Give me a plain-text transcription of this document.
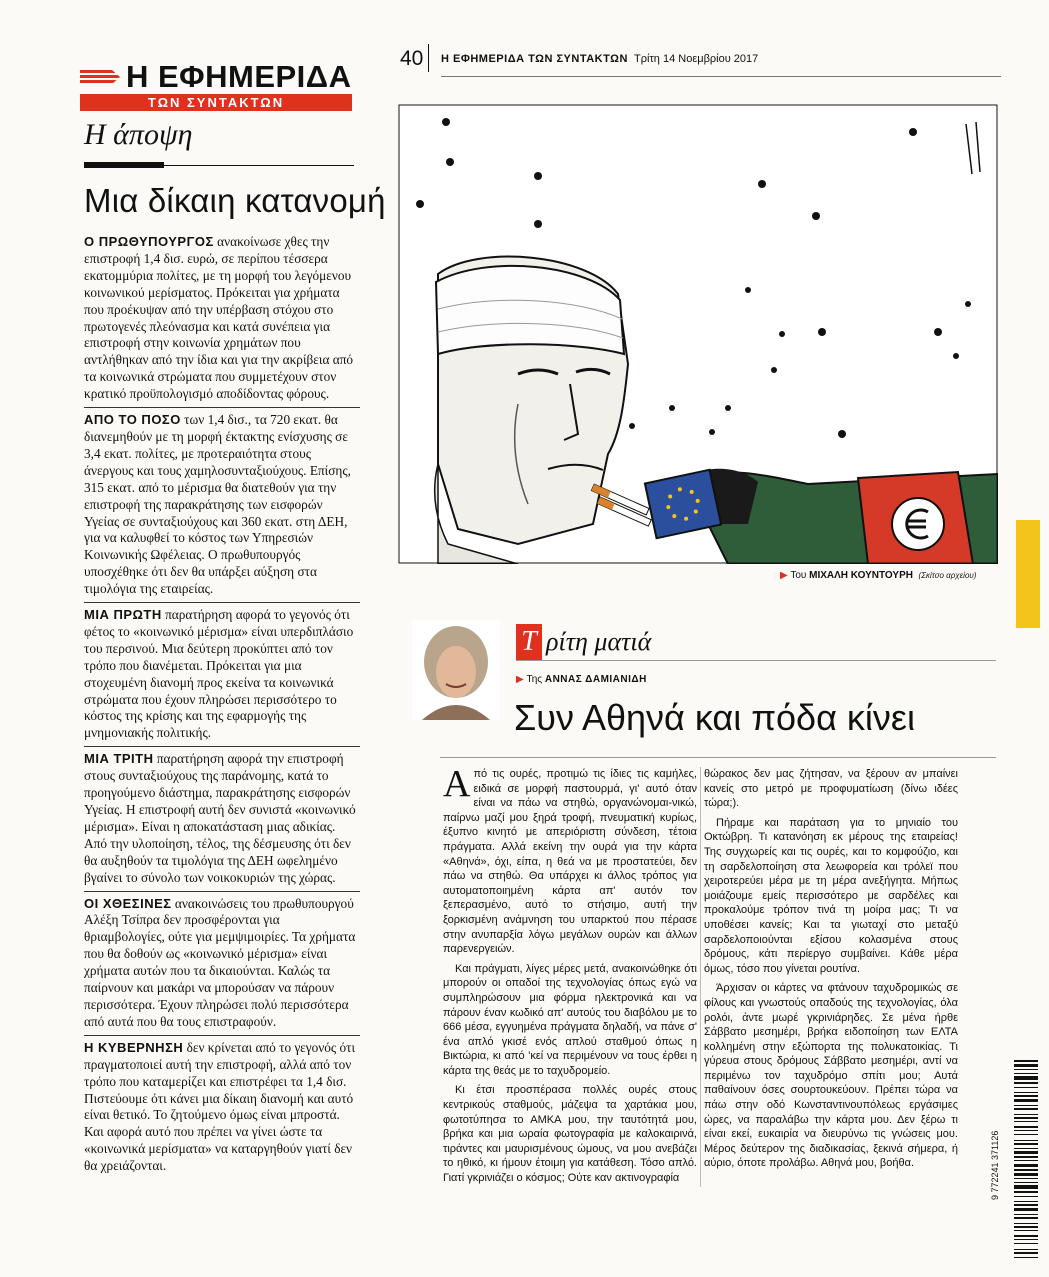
Η ΕΦΗΜΕΡΙΔΑ
ΤΩΝ ΣΥΝΤΑΚΤΩΝ
Η άποψη
Μια δίκαιη κατανομή

Ο ΠΡΩΘΥΠΟΥΡΓΟΣ ανακοίνωσε χθες την επιστροφή 1,4 δισ. ευρώ, σε περίπου τέσσερα εκατομμύρια πολίτες, με τη μορφή του λεγόμενου κοινωνικού μερίσματος. Πρόκειται για χρήματα που προέκυψαν από την υπέρβαση στόχου στο πρωτογενές πλεόνασμα και κατά συνέπεια για επιστροφή στην κοινωνία χρημάτων που αντλήθηκαν από την ίδια και για την ακρίβεια από τα κοινωνικά στρώματα που συμμετέχουν στον κρατικό προϋπολογισμό αποδίδοντας φόρους.

ΑΠΟ ΤΟ ΠΟΣΟ των 1,4 δισ., τα 720 εκατ. θα διανεμηθούν με τη μορφή έκτακτης ενίσχυσης σε 3,4 εκατ. πολίτες, με προτεραιότητα στους άνεργους και τους χαμηλοσυνταξιούχους. Επίσης, 315 εκατ. από το μέρισμα θα διατεθούν για την επιστροφή της παρακράτησης των εισφορών Υγείας σε συνταξιούχους και 360 εκατ. στη ΔΕΗ, για να καλυφθεί το κόστος των Υπηρεσιών Κοινωνικής Ωφέλειας. Ο πρωθυπουργός υποσχέθηκε ότι δεν θα υπάρξει αύξηση στα τιμολόγια της εταιρείας.

ΜΙΑ ΠΡΩΤΗ παρατήρηση αφορά το γεγονός ότι φέτος το «κοινωνικό μέρισμα» είναι υπερδιπλάσιο του περσινού. Μια δεύτερη προκύπτει από τον τρόπο που διανέμεται. Πρόκειται για μια στοχευμένη διανομή προς εκείνα τα κοινωνικά στρώματα που έχουν πληρώσει περισσότερο το κόστος της κρίσης και της εφαρμογής της μνημονιακής πολιτικής.

ΜΙΑ ΤΡΙΤΗ παρατήρηση αφορά την επιστροφή στους συνταξιούχους της παράνομης, κατά το προηγούμενο διάστημα, παρακράτησης εισφορών Υγείας. Η επιστροφή αυτή δεν συνιστά «κοινωνικό μέρισμα». Είναι η αποκατάσταση μιας αδικίας. Από την υλοποίηση, τέλος, της δέσμευσης ότι δεν θα αυξηθούν τα τιμολόγια της ΔΕΗ ωφελημένο βγαίνει το σύνολο των νοικοκυριών της χώρας.

ΟΙ ΧΘΕΣΙΝΕΣ ανακοινώσεις του πρωθυπουργού Αλέξη Τσίπρα δεν προσφέρονται για θριαμβολογίες, ούτε για μεμψιμοιρίες. Τα χρήματα που θα δοθούν ως «κοινωνικό μέρισμα» είναι χρήματα αυτών που τα δικαιούνται. Καλώς τα παίρνουν και μακάρι να μπορούσαν να πάρουν περισσότερα. Έχουν πληρώσει πολύ περισσότερα από αυτά που θα τους επιστραφούν.

Η ΚΥΒΕΡΝΗΣΗ δεν κρίνεται από το γεγονός ότι πραγματοποιεί αυτή την επιστροφή, αλλά από τον τρόπο που καταμερίζει και επιστρέφει τα 1,4 δισ. Πιστεύουμε ότι κάνει μια δίκαιη διανομή και αυτό είναι θετικό. Το ζητούμενο όμως είναι μπροστά. Και αφορά αυτό που πρέπει να γίνει ώστε τα «κοινωνικά μερίσματα» να καταργηθούν γιατί δεν θα χρειάζονται.

40 Η ΕΦΗΜΕΡΙΔΑ ΤΩΝ ΣΥΝΤΑΚΤΩΝ Τρίτη 14 Νοεμβρίου 2017
▶ Του ΜΙΧΑΛΗ ΚΟΥΝΤΟΥΡΗ (Σκίτσο αρχείου)
Τ ρίτη ματιά
▶ Της ΑΝΝΑΣ ΔΑΜΙΑΝΙΔΗ
Συν Αθηνά και πόδα κίνει

Από τις ουρές, προτιμώ τις ίδιες τις καμήλες, ειδικά σε μορφή παστουρμά, γι' αυτό όταν είναι να πάω να στηθώ, οργανώνομαι-νικώ, παίρνω μαζί μου ξηρά τροφή, πνευματική κυρίως, έξυπνο κινητό με απεριόριστη σύνδεση, τέτοια πράγματα. Αλλά εκείνη την ουρά για την κάρτα «Αθηνά», όχι, είπα, η θεά να με προστατεύει, δεν πάω να στηθώ. Θα υπάρχει κι άλλος τρόπος για αυτοματοποιημένη κάρτα απ' αυτόν τον ξεπερασμένο, αυτό το στήσιμο, αυτή την ξορκισμένη ανάμνηση του υπαρκτού που πέρασε στην ανυπαρξία λόγω μεγάλων ουρών και άλλων παρενεργειών.

Και πράγματι, λίγες μέρες μετά, ανακοινώθηκε ότι μπορούν οι οπαδοί της τεχνολογίας όπως εγώ να συμπληρώσουν μια φόρμα ηλεκτρονικά και να πάρουν έναν κωδικό απ' αυτούς του διαβόλου με το 666 μέσα, εγγυημένα πράγματα δηλαδή, να πάνε σ' ένα απλό γκισέ ενός απλού σταθμού όπως η Βικτώρια, κι από 'κεί να περιμένουν να τους έρθει η κάρτα της θεάς με το ταχυδρομείο.

Κι έτσι προσπέρασα πολλές ουρές στους κεντρικούς σταθμούς, μάζεψα τα χαρτάκια μου, φωτοτύπησα το ΑΜΚΑ μου, την ταυτότητά μου, βρήκα και μια ωραία φωτογραφία με καλοκαιρινά, τιράντες και μαυρισμένους ώμους, να μου ανεβάζει το ηθικό, κι ήμουν έτοιμη για κατάθεση. Τόσο απλό. Γιατί γκρινιάζει ο κόσμος; Ούτε καν ακτινογραφία

θώρακος δεν μας ζήτησαν, να ξέρουν αν μπαίνει κανείς στο μετρό με προφυματίωση (δίνω ιδέες τώρα;).

Πήραμε και παράταση για το μηνιαίο του Οκτώβρη. Τι κατανόηση εκ μέρους της εταιρείας! Της συγχωρείς και τις ουρές, και το κομφούζιο, και τη σαρδελοποίηση στα λεωφορεία και τρόλεϊ που χειροτερεύει μέρα με τη μέρα ανεξήγητα. Μήπως μοιάζουμε εμείς περισσότερο με σαρδέλες και προκαλούμε τρόπον τινά τη μοίρα μας; Τι να υποθέσει κανείς; Και τα γιωταχί στο μεταξύ σαρδελοποιούνται εξίσου κολασμένα στους δρόμους, κάτι περίεργο συμβαίνει. Κάθε μέρα όμως, τόσο που γίνεται ρουτίνα.

Άρχισαν οι κάρτες να φτάνουν ταχυδρομικώς σε φίλους και γνωστούς οπαδούς της τεχνολογίας, όλα ρολόι, άντε μωρέ γκρινιάρηδες. Σε μένα ήρθε Σάββατο μεσημέρι, βρήκα ειδοποίηση των ΕΛΤΑ κολλημένη στην εξώπορτα της πολυκατοικίας. Τι γύρευα στους δρόμους Σάββατο μεσημέρι, αντί να περιμένω τον ταχυδρόμο σπίτι μου; Αυτά παθαίνουν όσες σουρτουκεύουν. Πρέπει τώρα να πάω στην οδό Κωνσταντινουπόλεως εργάσιμες ώρες, να παραλάβω την κάρτα μου. Δεν ξέρω τι είναι εκεί, ευκαιρία να διευρύνω τις γνώσεις μου. Μέρος δεύτερον της διαδικασίας, ξεκινά σήμερα, ή αύριο, όποτε προλάβω. Αθηνά μου, βοήθα.	9 772241 371126
